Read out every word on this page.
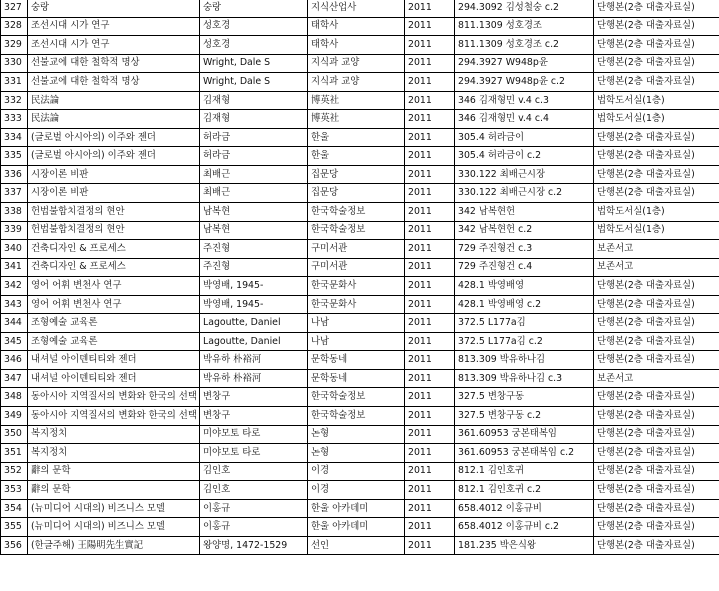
327	숭랑	숭랑	지식산업사	2011	294.3092 김성철숭 c.2	단행본(2층 대출자료실)
328	조선시대 시가 연구	성호경	태학사	2011	811.1309 성호경조	단행본(2층 대출자료실)
329	조선시대 시가 연구	성호경	태학사	2011	811.1309 성호경조 c.2	단행본(2층 대출자료실)
330	선불교에 대한 철학적 명상	Wright, Dale S	지식과 교양	2011	294.3927 W948p윤	단행본(2층 대출자료실)
331	선불교에 대한 철학적 명상	Wright, Dale S	지식과 교양	2011	294.3927 W948p윤 c.2	단행본(2층 대출자료실)
332	民法論	김재형	博英社	2011	346 김재형민 v.4 c.3	법학도서실(1층)
333	民法論	김재형	博英社	2011	346 김재형민 v.4 c.4	법학도서실(1층)
334	(글로벌 아시아의) 이주와 젠더	허라금	한울	2011	305.4 허라금이	단행본(2층 대출자료실)
335	(글로벌 아시아의) 이주와 젠더	허라금	한울	2011	305.4 허라금이 c.2	단행본(2층 대출자료실)
336	시장이론 비판	최배근	집문당	2011	330.122 최배근시장	단행본(2층 대출자료실)
337	시장이론 비판	최배근	집문당	2011	330.122 최배근시장 c.2	단행본(2층 대출자료실)
338	헌법불합치결정의 현안	남복현	한국학술정보	2011	342 남복현헌	법학도서실(1층)
339	헌법불합치결정의 현안	남복현	한국학술정보	2011	342 남복현헌 c.2	법학도서실(1층)
340	건축디자인 & 프로세스	주진형	구미서관	2011	729 주진형건 c.3	보존서고
341	건축디자인 & 프로세스	주진형	구미서관	2011	729 주진형건 c.4	보존서고
342	영어 어휘 변천사 연구	박영배, 1945-	한국문화사	2011	428.1 박영배영	단행본(2층 대출자료실)
343	영어 어휘 변천사 연구	박영배, 1945-	한국문화사	2011	428.1 박영배영 c.2	단행본(2층 대출자료실)
344	조형예술 교육론	Lagoutte, Daniel	나남	2011	372.5 L177a김	단행본(2층 대출자료실)
345	조형예술 교육론	Lagoutte, Daniel	나남	2011	372.5 L177a김 c.2	단행본(2층 대출자료실)
346	내셔널 아이덴티티와 젠더	박유하 朴裕河	문학동네	2011	813.309 박유하나김	단행본(2층 대출자료실)
347	내셔널 아이덴티티와 젠더	박유하 朴裕河	문학동네	2011	813.309 박유하나김 c.3	보존서고
348	동아시아 지역질서의 변화와 한국의 선택	변창구	한국학술정보	2011	327.5 변창구동	단행본(2층 대출자료실)
349	동아시아 지역질서의 변화와 한국의 선택	변창구	한국학술정보	2011	327.5 변창구동 c.2	단행본(2층 대출자료실)
350	복지정치	미야모토 타로	논형	2011	361.60953 궁본태복임	단행본(2층 대출자료실)
351	복지정치	미야모토 타로	논형	2011	361.60953 궁본태복임 c.2	단행본(2층 대출자료실)
352	辭의 문학	김인호	이경	2011	812.1 김인호귀	단행본(2층 대출자료실)
353	辭의 문학	김인호	이경	2011	812.1 김인호귀 c.2	단행본(2층 대출자료실)
354	(뉴미디어 시대의) 비즈니스 모델	이홍규	한울 아카데미	2011	658.4012 이홍규비	단행본(2층 대출자료실)
355	(뉴미디어 시대의) 비즈니스 모델	이홍규	한울 아카데미	2011	658.4012 이홍규비 c.2	단행본(2층 대출자료실)
356	(한글주해) 王陽明先生實記	왕양명, 1472-1529	선인	2011	181.235 박은식왕	단행본(2층 대출자료실)
